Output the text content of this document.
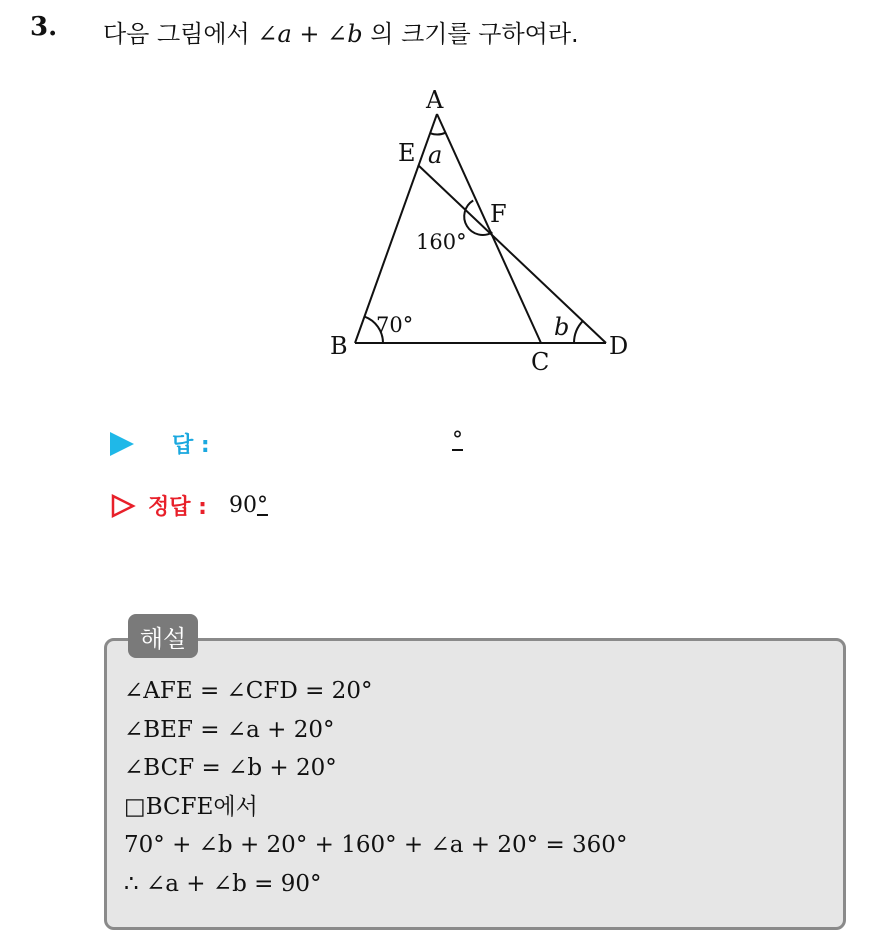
3. 다음 그림에서 ∠a + ∠b 의 크기를 구하여라.
A
E
F
B
C
D
a
b
70°
160°
답 :	°
정답 : 90°
해설
∠AFE = ∠CFD = 20°
∠BEF = ∠a + 20°
∠BCF = ∠b + 20°
□BCFE에서
70° + ∠b + 20° + 160° + ∠a + 20° = 360°
∴ ∠a + ∠b = 90°
